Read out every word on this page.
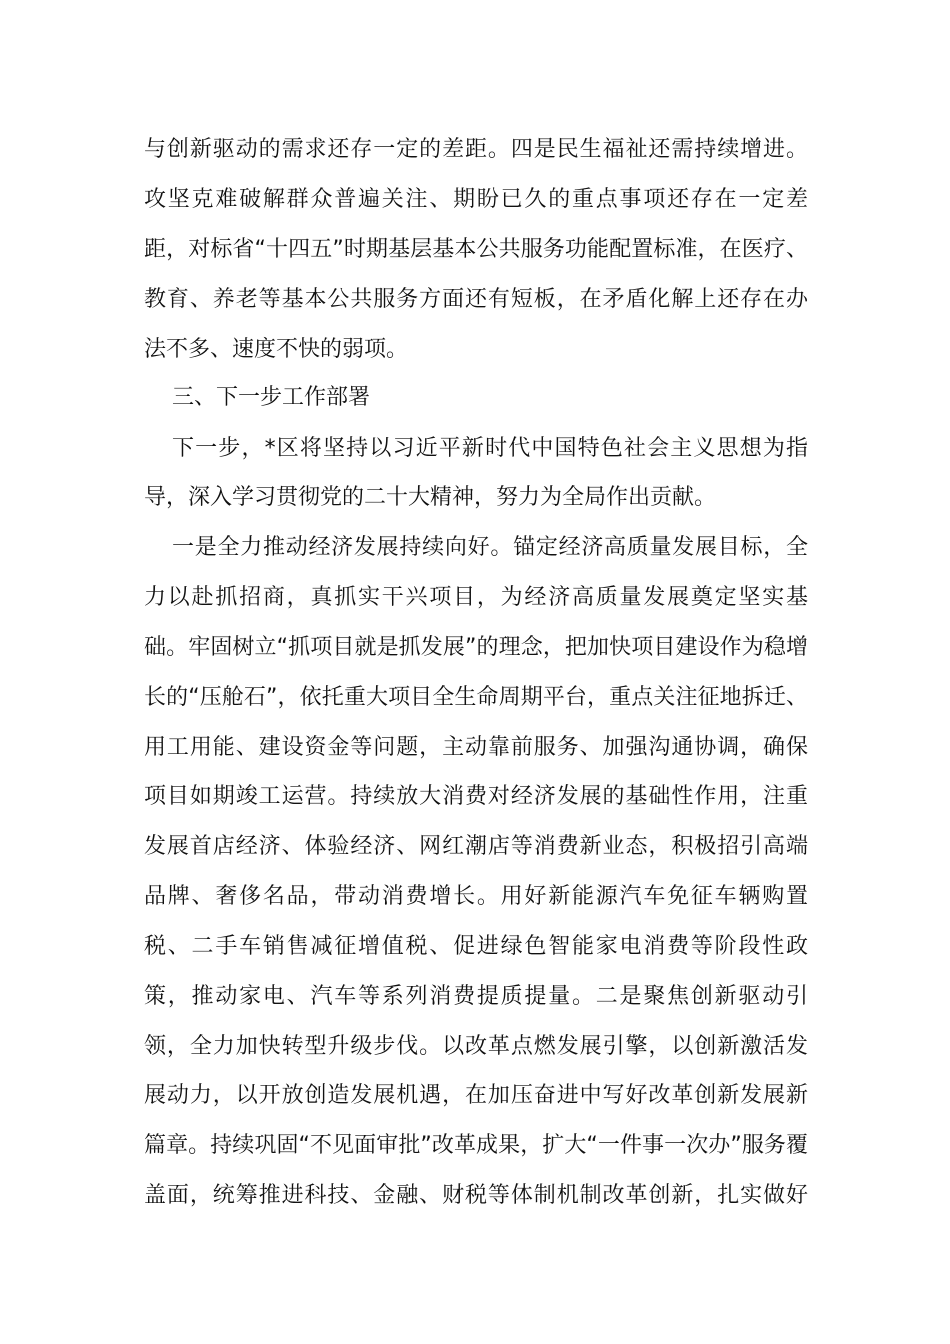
与创新驱动的需求还存一定的差距。四是民生福祉还需持续增进。
攻坚克难破解群众普遍关注、期盼已久的重点事项还存在一定差
距，对标省“十四五”时期基层基本公共服务功能配置标准，在医疗、
教育、养老等基本公共服务方面还有短板，在矛盾化解上还存在办
法不多、速度不快的弱项。
三、下一步工作部署
下一步，*区将坚持以习近平新时代中国特色社会主义思想为指
导，深入学习贯彻党的二十大精神，努力为全局作出贡献。
一是全力推动经济发展持续向好。锚定经济高质量发展目标，全
力以赴抓招商，真抓实干兴项目，为经济高质量发展奠定坚实基
础。牢固树立“抓项目就是抓发展”的理念，把加快项目建设作为稳增
长的“压舱石”，依托重大项目全生命周期平台，重点关注征地拆迁、
用工用能、建设资金等问题，主动靠前服务、加强沟通协调，确保
项目如期竣工运营。持续放大消费对经济发展的基础性作用，注重
发展首店经济、体验经济、网红潮店等消费新业态，积极招引高端
品牌、奢侈名品，带动消费增长。用好新能源汽车免征车辆购置
税、二手车销售减征增值税、促进绿色智能家电消费等阶段性政
策，推动家电、汽车等系列消费提质提量。二是聚焦创新驱动引
领，全力加快转型升级步伐。以改革点燃发展引擎，以创新激活发
展动力，以开放创造发展机遇，在加压奋进中写好改革创新发展新
篇章。持续巩固“不见面审批”改革成果，扩大“一件事一次办”服务覆
盖面，统筹推进科技、金融、财税等体制机制改革创新，扎实做好
